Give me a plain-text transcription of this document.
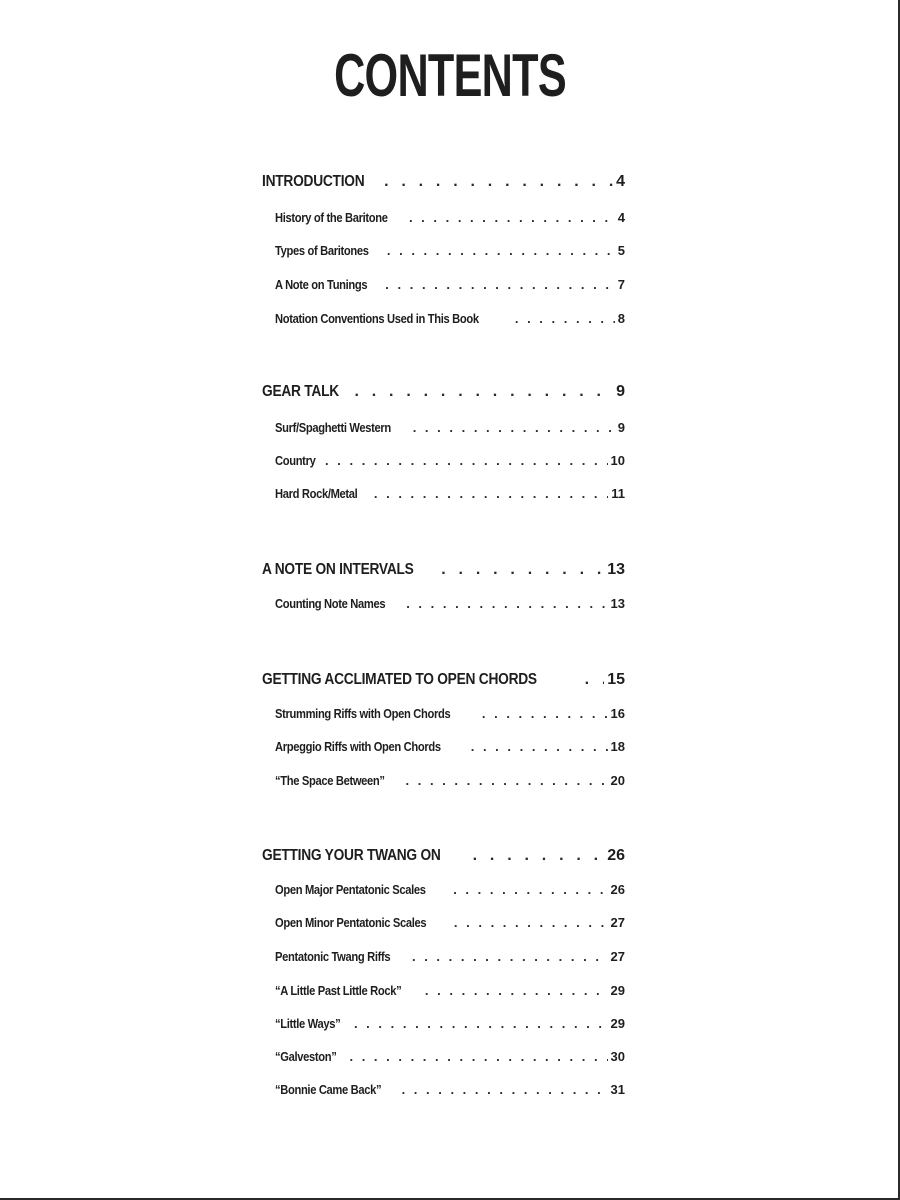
CONTENTS
INTRODUCTION . . .	4
History of the Baritone . . .	4
Types of Baritones . . .	5
A Note on Tunings . . .	7
Notation Conventions Used in This Book . . .	8
GEAR TALK . . .	9
Surf/Spaghetti Western . . .	9
Country . . .	10
Hard Rock/Metal . . .	11
A NOTE ON INTERVALS . . .	13
Counting Note Names . . .	13
GETTING ACCLIMATED TO OPEN CHORDS . . .	15
Strumming Riffs with Open Chords . . .	16
Arpeggio Riffs with Open Chords . . .	18
“The Space Between” . . .	20
GETTING YOUR TWANG ON . . .	26
Open Major Pentatonic Scales . . .	26
Open Minor Pentatonic Scales . . .	27
Pentatonic Twang Riffs . . .	27
“A Little Past Little Rock” . . .	29
“Little Ways” . . .	29
“Galveston” . . .	30
“Bonnie Came Back” . . .	31
